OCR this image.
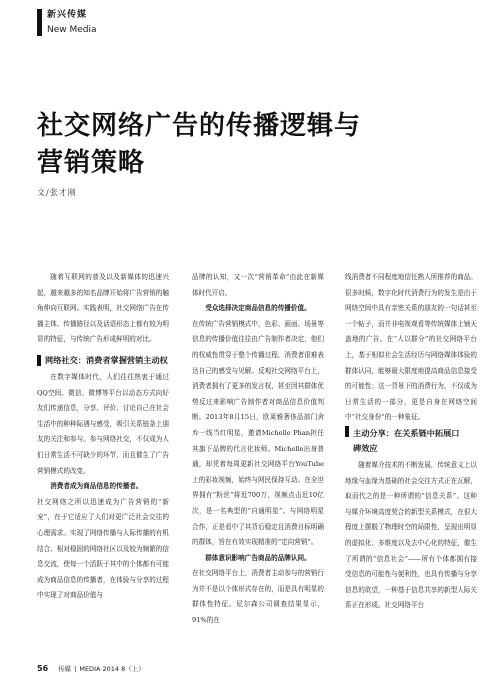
新兴传媒
New Media
社交网络广告的传播逻辑与
营销策略
文/张才刚

随着互联网的普及以及新媒体的迅速兴起，越来越多的知名品牌开始将广告营销的触角伸向互联网。实践表明，社交网络广告在传播主体、传播路径以及话语形态上都有较为明显的特征，与传统广告形成鲜明的对比。

网络社交：消费者掌握营销主动权

在数字媒体时代，人们往往热衷于通过QQ空间、微信、微博等平台以动态方式向好友们传递信息，分享、评价、讨论自己在社会生活中的种种际遇与感受，吸引关系链条上朋友的关注和参与。参与网络社交，不仅成为人们日常生活不可缺少的环节，而且催生了广告营销模式的改变。

消费者成为商品信息的传播者。

社交网络之所以迅速成为广告营销的“新宠”，在于它适应了人们对更广泛社会交往的心理需求。实现了网络传播与人际传播的有机结合。相对稳固的网络社区以及较为频繁的信息交流，使每一个活跃于其中的个体都有可能成为商品信息的传播者，在体验与分享的过程中实现了对商品价值与

品牌的认知，又一次“营销革命”由此在新媒体时代开启。

受众选择决定商品信息的传播价值。

在传统广告营销模式中，色彩、画面、场景等信息的传播价值往往由广告制作者决定，他们的权威性贯穿于整个传播过程，消费者很难表达自己的感受与见解。反观社交网络平台上，消费者拥有了更多的发言权，甚至因其群体优势反过来影响广告制作者对商品信息价值判断。2013年8月15日，欧莱雅奢侈品部门舍弃一线当红明星，邀请Michelle Phan担任其旗下品牌的代言化妆师。Michelle出身普通，却凭着每周更新社交网络平台YouTube上的彩妆视频，始终与网民保持互动。在全世界拥有“粉丝”将近700万，视频点击近10亿次，是一名典型的“自通明星”。与网络明星合作，正是看中了其背后稳定且消费目标明确的群体，旨在有效实现精准的“定向营销”。

群体意识影响广告商品的品牌认同。

在社交网络平台上，消费者主动参与的营销行为并不是以个体形式存在的，而是具有明显的群体性特征。尼尔森公司调查结果显示，91%的在

线消费者不同程度地信任熟人所推荐的商品。很多时候，数字化时代消费行为的发生是由于网络空间中具有亲密关系的朋友的一句话甚至一个帖子，而并非电视观看等传统媒体上铺天盖地的广告。在“人以群分”的社交网络平台上，基于相似社会生活经历与网络媒体体验的群体认同，能够最大限度地提高商品信息接受的可能性；这一背景下的消费行为，不仅成为日常生活的一部分，更是自身在网络空间中“社交身份”的一种象征。

主动分享：在关系链中拓展口
碑效应

随着媒介技术的不断发展，传统意义上以地缘与血缘为基础的社会交往方式正在瓦解，取而代之的是一种所谓的“信息关系”。这种与媒介环境高度契合的新型关系模式，在很大程度上摆脱了物理时空的局限性，呈现出明显的虚拟化、多维度以及去中心化的特征，催生了所谓的“信息社会”——所有个体都拥有接受信息的可能性与便利性，也具有传播与分享信息的欲望，一种基于信息共享的新型人际关系正在形成。社交网络平台

56 传媒 | MEDIA 2014 8（上）
